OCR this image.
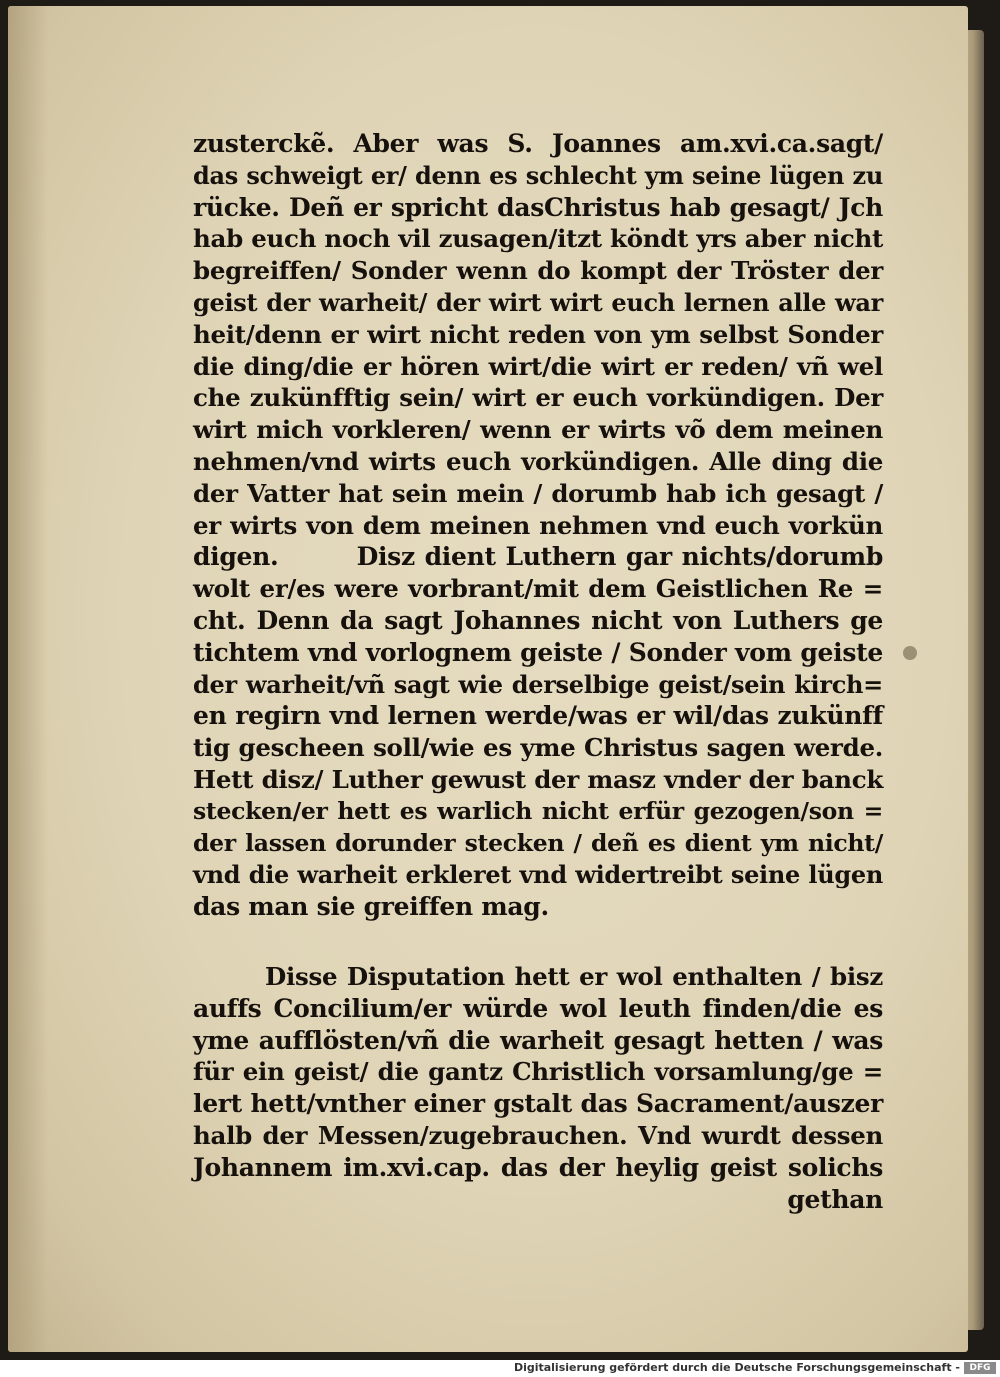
zusterckẽ. Aber was S. Joannes am.xvi.ca.sagt/
das schweigt er/ denn es schlecht ym seine lügen zu
rücke. Deñ er spricht dasChristus hab gesagt/ Jch
hab euch noch vil zusagen/itzt köndt yrs aber nicht
begreiffen/ Sonder wenn do kompt der Tröster der
geist der warheit/ der wirt wirt euch lernen alle war
heit/denn er wirt nicht reden von ym selbst Sonder
die ding/die er hören wirt/die wirt er reden/ vñ wel
che zukünfftig sein/ wirt er euch vorkündigen. Der
wirt mich vorkleren/ wenn er wirts võ dem meinen
nehmen/vnd wirts euch vorkündigen. Alle ding die
der Vatter hat sein mein / dorumb hab ich gesagt /
er wirts von dem meinen nehmen vnd euch vorkün
digen.        Disz dient Luthern gar nichts/dorumb
wolt er/es were vorbrant/mit dem Geistlichen Re =
cht. Denn da sagt Johannes nicht von Luthers ge
tichtem vnd vorlognem geiste / Sonder vom geiste
der warheit/vñ sagt wie derselbige geist/sein kirch=
en regirn vnd lernen werde/was er wil/das zukünff
tig gescheen soll/wie es yme Christus sagen werde.
Hett disz/ Luther gewust der masz vnder der banck
stecken/er hett es warlich nicht erfür gezogen/son =
der lassen dorunder stecken / deñ es dient ym nicht/
vnd die warheit erkleret vnd widertreibt seine lügen
das man sie greiffen mag.
Disse Disputation hett er wol enthalten / bisz
auffs Concilium/er würde wol leuth finden/die es
yme aufflösten/vñ die warheit gesagt hetten / was
für ein geist/ die gantz Christlich vorsamlung/ge =
lert hett/vnther einer gstalt das Sacrament/auszer
halb der Messen/zugebrauchen. Vnd wurdt dessen
Johannem im.xvi.cap. das der heylig geist solichs
gethan
Digitalisierung gefördert durch die Deutsche Forschungsgemeinschaft -	DFG
